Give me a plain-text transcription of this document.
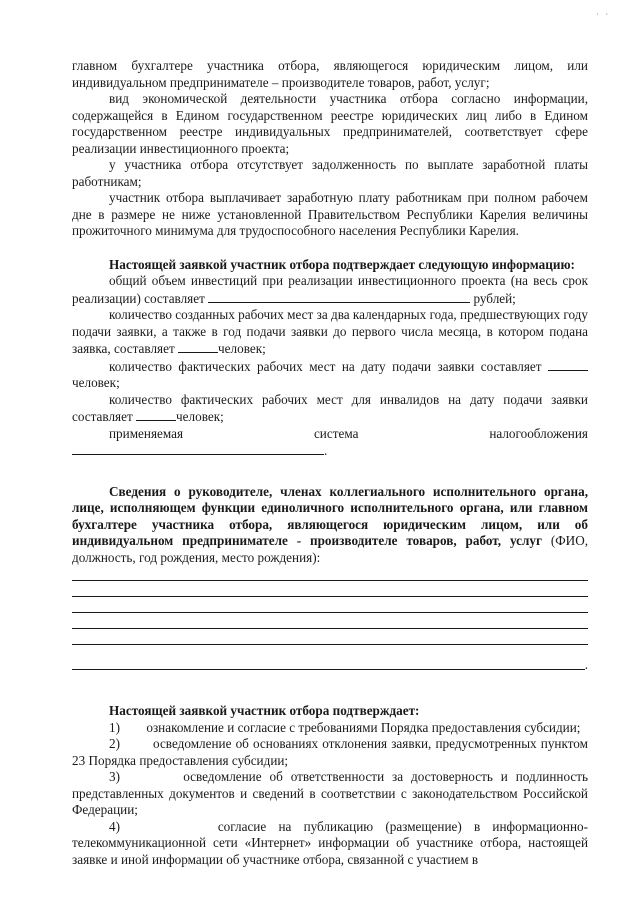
· ·

главном бухгалтере участника отбора, являющегося юридическим лицом, или индивидуальном предпринимателе – производителе товаров, работ, услуг;

вид экономической деятельности участника отбора согласно информации, содержащейся в Едином государственном реестре юридических лиц либо в Едином государственном реестре индивидуальных предпринимателей, соответствует сфере реализации инвестиционного проекта;

у участника отбора отсутствует задолженность по выплате заработной платы работникам;

участник отбора выплачивает заработную плату работникам при полном рабочем дне в размере не ниже установленной Правительством Республики Карелия величины прожиточного минимума для трудоспособного населения Республики Карелия.

Настоящей заявкой участник отбора подтверждает следующую информацию:

общий объем инвестиций при реализации инвестиционного проекта (на весь срок реализации) составляет	рублей;

количество созданных рабочих мест за два календарных года, предшествующих году подачи заявки, а также в год подачи заявки до первого числа месяца, в котором подана заявка, составляет	человек;

количество фактических рабочих мест на дату подачи заявки составляет человек;

количество фактических рабочих мест для инвалидов на дату подачи заявки составляет	человек;

применяемая	система	налогообложения

.

Сведения о руководителе, членах коллегиального исполнительного органа, лице, исполняющем функции единоличного исполнительного органа, или главном бухгалтере участника отбора, являющегося юридическим лицом, или об индивидуальном предпринимателе - производителе товаров, работ, услуг (ФИО, должность, год рождения, место рождения):

.

Настоящей заявкой участник отбора подтверждает:

1) ознакомление и согласие с требованиями Порядка предоставления субсидии;

2)	осведомление об основаниях отклонения заявки, предусмотренных пунктом 23 Порядка предоставления субсидии;

3)	осведомление об ответственности за достоверность и подлинность представленных документов и сведений в соответствии с законодательством Российской Федерации;

4)	согласие на публикацию (размещение) в информационно-телекоммуникационной сети «Интернет» информации об участнике отбора, настоящей заявке и иной информации об участнике отбора, связанной с участием в
